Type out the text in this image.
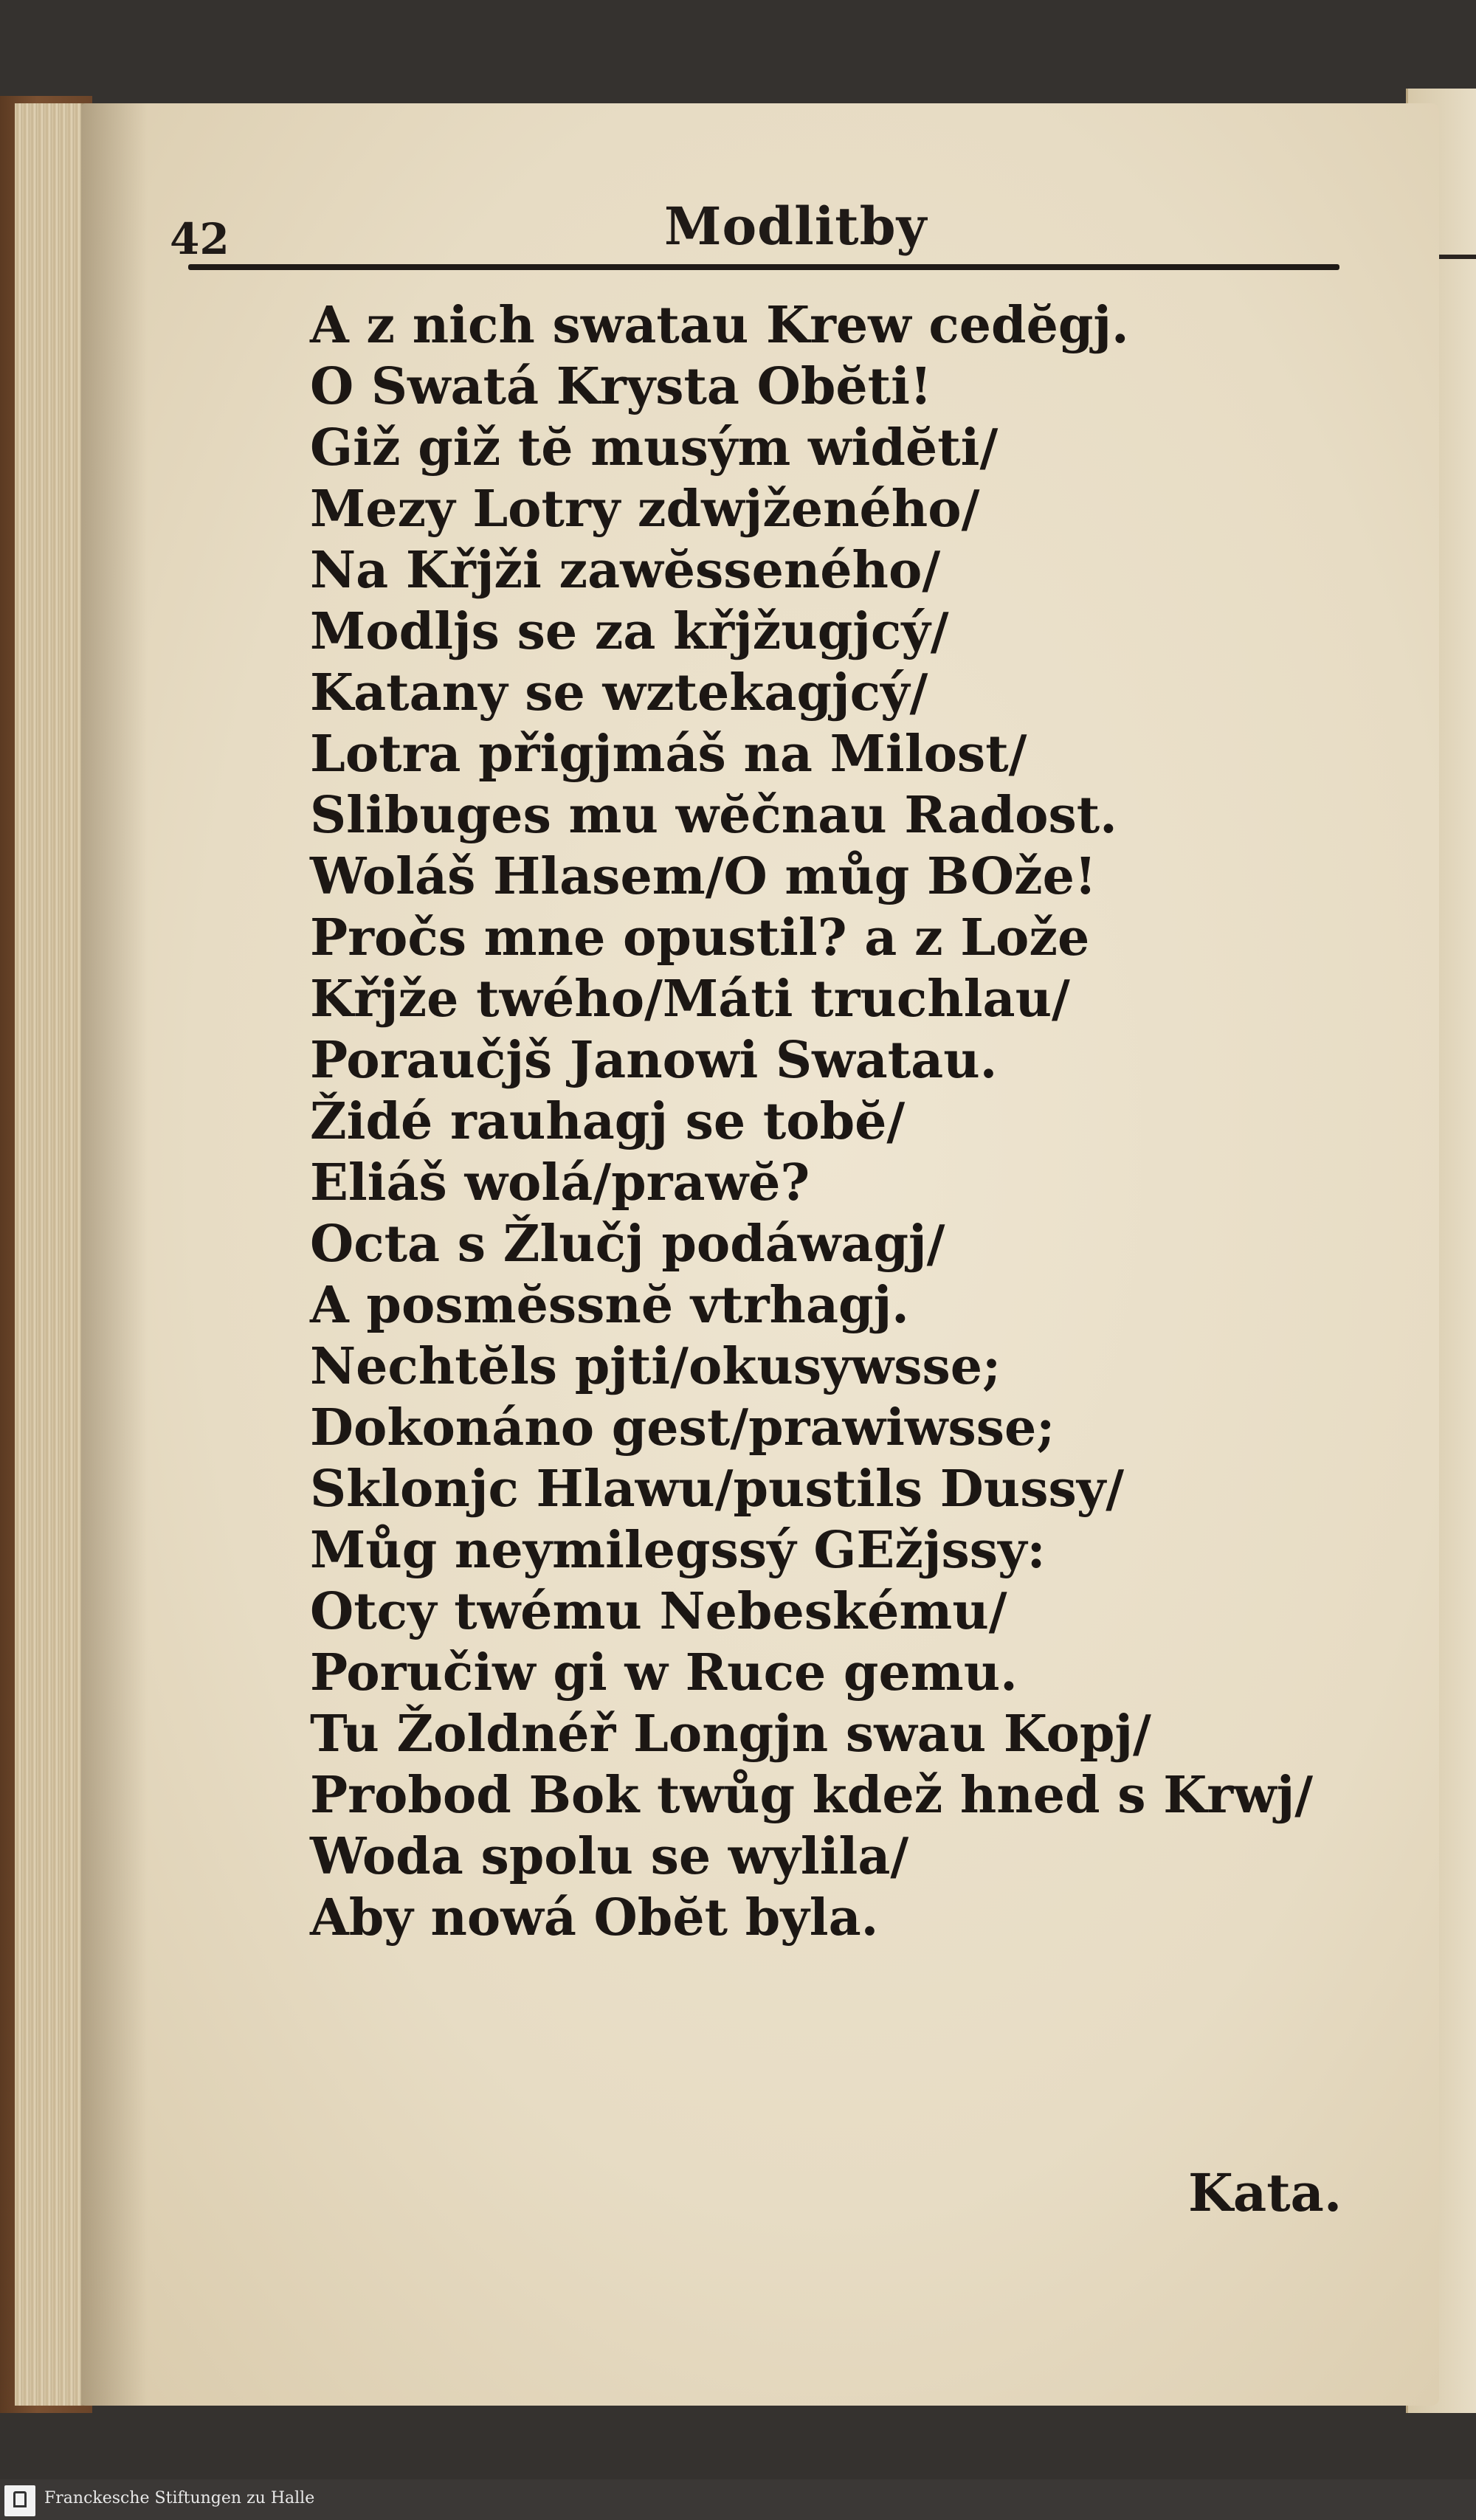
42	Modlitby
A z nich swatau Krew cedĕgj.
O Swatá Krysta Obĕti!
Giž giž tĕ musým widĕti/
Mezy Lotry zdwjženého/
Na Křjži zawĕssenéhо/
Modljs se za křjžugjcý/
Katany se wztekagjcý/
Lotra přigjmáš na Milost/
Slibuges mu wĕčnau Radost.
Woláš Hlasem/O můg BOže!
Pročs mne opustil? a z Lože
Křjže twého/Máti truchlau/
Poraučjš Janowi Swatau.
Židé rauhagj se tobĕ/
Eliáš wolá/prawĕ?
Octa s Žlučj podáwagj/
A posmĕssnĕ vtrhagj.
Nechtĕls pjti/okusywsse;
Dokonáno gest/prawiwsse;
Sklonjc Hlawu/pustils Dussy/
Můg neymilegssý GEžjssy:
Otcy twému Nebeskému/
Poručiw gi w Ruce gemu.
Tu Žoldnéř Longjn swau Kopj/
Probod Bok twůg kdež hned s Krwj/
Woda spolu se wylila/
Aby nowá Obĕt byla.
Kata.
Franckesche Stiftungen zu Halle
